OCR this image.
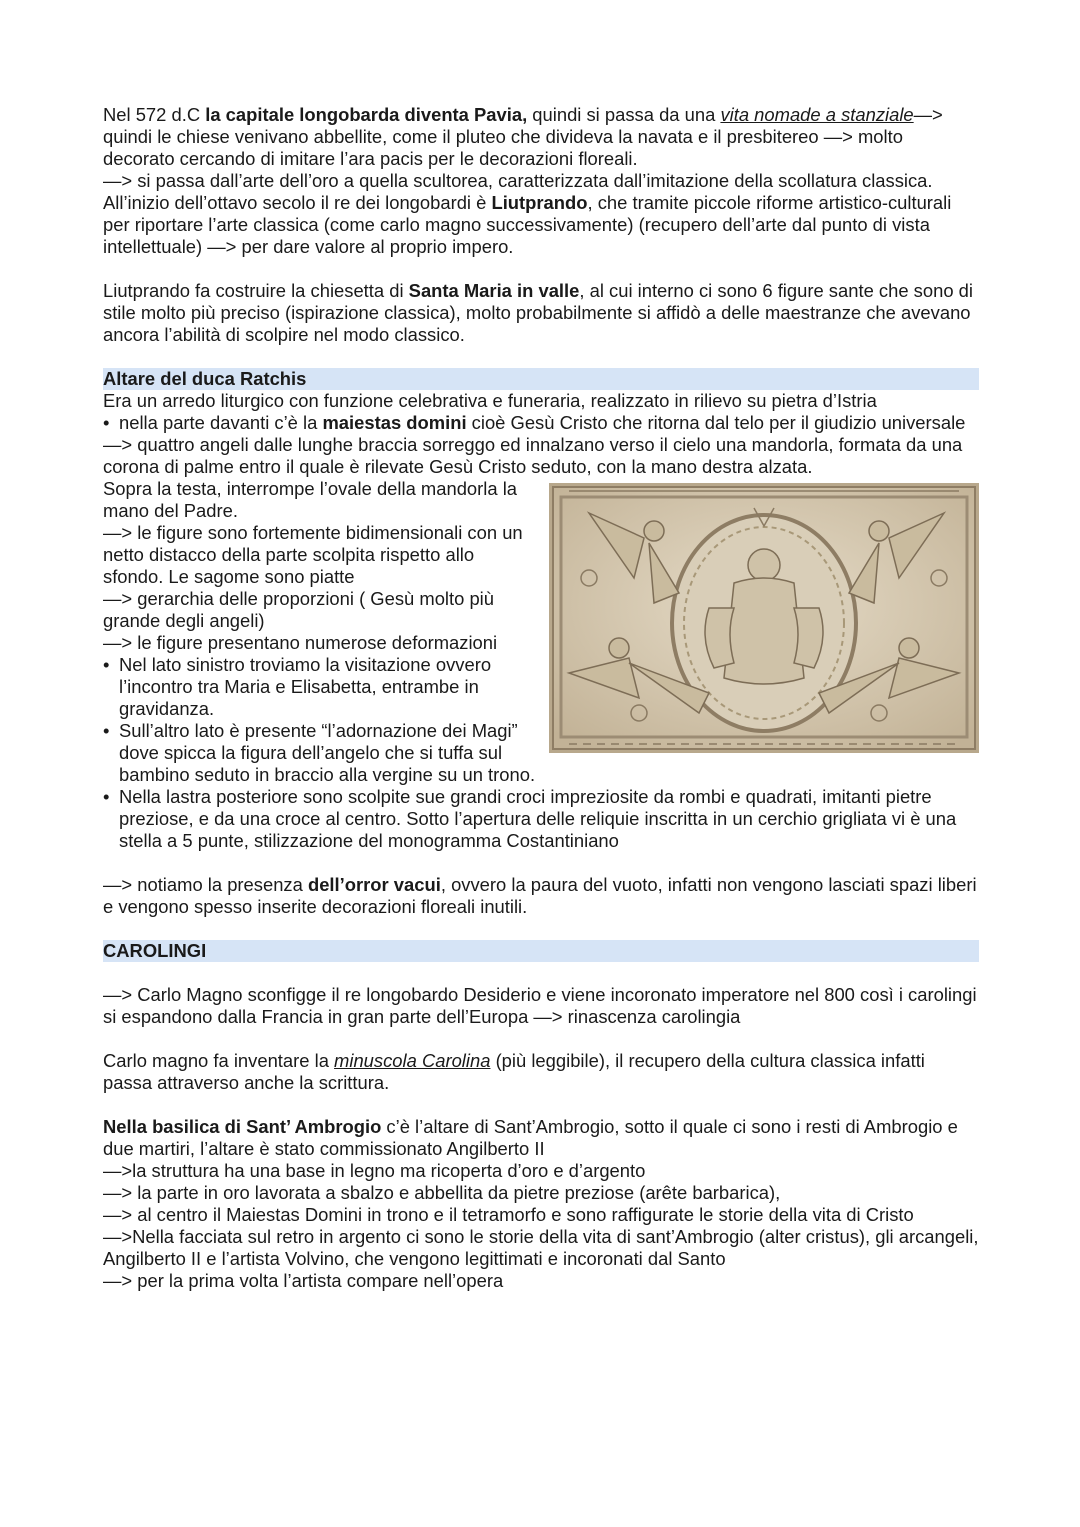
Nel 572 d.C la capitale longobarda diventa Pavia, quindi si passa da una vita nomade a stanziale—> quindi le chiese venivano abbellite, come il pluteo che divideva la navata e il presbitereo —> molto decorato cercando di imitare l’ara pacis per le decorazioni floreali.

—> si passa dall’arte dell’oro a quella scultorea, caratterizzata dall’imitazione della scollatura classica.

All’inizio dell’ottavo secolo il re dei longobardi è Liutprando, che tramite piccole riforme artistico-culturali per riportare l’arte classica (come carlo magno successivamente) (recupero dell’arte dal punto di vista intellettuale) —> per dare valore al proprio impero.

Liutprando fa costruire la chiesetta di Santa Maria in valle, al cui interno ci sono 6 figure sante che sono di stile molto più preciso (ispirazione classica), molto probabilmente si affidò a delle maestranze che avevano ancora l’abilità di scolpire nel modo classico.

Altare del duca Ratchis

Era un arredo liturgico con funzione celebrativa e funeraria, realizzato in rilievo su pietra d’Istria

• nella parte davanti c’è la maiestas domini cioè Gesù Cristo che ritorna dal telo per il giudizio universale

—> quattro angeli dalle lunghe braccia sorreggo ed innalzano verso il cielo una mandorla, formata da una corona di palme entro il quale è rilevate Gesù Cristo seduto, con la mano destra alzata.

Sopra la testa, interrompe l’ovale della mandorla la mano del Padre.

—> le figure sono fortemente bidimensionali con un netto distacco della parte scolpita rispetto allo sfondo. Le sagome sono piatte

—> gerarchia delle proporzioni ( Gesù molto più grande degli angeli)

—> le figure presentano numerose deformazioni

• Nel lato sinistro troviamo la visitazione ovvero l’incontro tra Maria e Elisabetta, entrambe in gravidanza.

• Sull’altro lato è presente “l’adornazione dei Magi” dove spicca la figura dell’angelo che si tuffa sul bambino seduto in braccio alla vergine su un trono.

• Nella lastra posteriore sono scolpite sue grandi croci impreziosite da rombi e quadrati, imitanti pietre preziose, e da una croce al centro. Sotto l’apertura delle reliquie inscritta in un cerchio grigliata vi è una stella a 5 punte, stilizzazione del monogramma Costantiniano

—> notiamo la presenza dell’orror vacui, ovvero la paura del vuoto, infatti non vengono lasciati spazi liberi e vengono spesso inserite decorazioni floreali inutili.

CAROLINGI

—> Carlo Magno sconfigge il re longobardo Desiderio e viene incoronato imperatore nel 800 così i carolingi si espandono dalla Francia in gran parte dell’Europa —> rinascenza carolingia

Carlo magno fa inventare la minuscola Carolina (più leggibile), il recupero della cultura classica infatti passa attraverso anche la scrittura.

Nella basilica di Sant’ Ambrogio c’è l’altare di Sant’Ambrogio, sotto il quale ci sono i resti di Ambrogio e due martiri, l’altare è stato commissionato Angilberto II

—>la struttura ha una base in legno ma ricoperta d’oro e d’argento

—> la parte in oro lavorata a sbalzo e abbellita da pietre preziose (arête barbarica),

—> al centro il Maiestas Domini in trono e il tetramorfo e sono raffigurate le storie della vita di Cristo

—>Nella facciata sul retro in argento ci sono le storie della vita di sant’Ambrogio (alter cristus), gli arcangeli, Angilberto II e l’artista Volvino, che vengono legittimati e incoronati dal Santo

—> per la prima volta l’artista compare nell’opera
